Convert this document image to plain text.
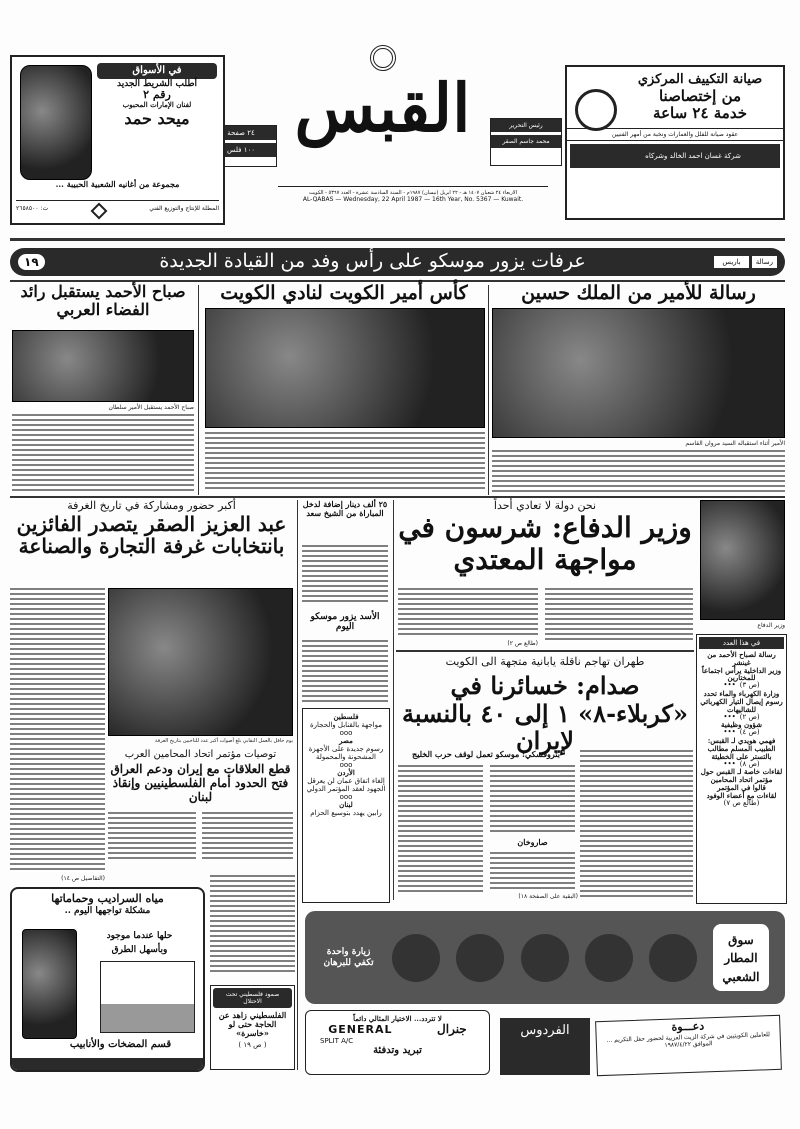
صيانة التكييف المركزي
من إختصاصنا
خدمة ٢٤ ساعة
عقود صيانة للفلل والعمارات ونخبة من أمهر الفنيين
شركة غسان احمد الخالد وشركاه
رئيس التحرير
محمد جاسم الصقر
القبس
٢٤ صفحة
١٠٠ فلس
الاربعاء ٢٤ شعبان ١٤٠٧ هـ - ٢٢ ابريل (نيسان) ١٩٨٧م - السنة السادسة عشرة - العدد ٥٣٦٧ - الكويت
AL-QABAS — Wednesday, 22 April 1987 — 16th Year, No. 5367 — Kuwait.
في الأسواق
أطلب الشريط الجديد
رقم ٢
لفنان الإمارات المحبوب
ميحد حمد
مجموعة من أغانيه الشعبية الحبيبة ...
المطلة للإنتاج والتوزيع الفني
ت: ٢٦٥٨٥٠٠
رسالة
باريس
عرفات يزور موسكو على رأس وفد من القيادة الجديدة
١٩
رسالة للأمير من الملك حسين
الأمير أثناء استقباله السيد مروان القاسم
كأس أمير الكويت لنادي الكويت
صباح الأحمد يستقبل رائد الفضاء العربي
صباح الأحمد يستقبل الأمير سلطان
أكبر حضور ومشاركة في تاريخ الغرفة
عبد العزيز الصقر يتصدر الفائزين بانتخابات غرفة التجارة والصناعة
يوم حافل بالعمل النقابي بلغ أصوات أكبر عدد للناخبين بتاريخ الغرفة
توصيات مؤتمر اتحاد المحامين العرب
قطع العلاقات مع إيران ودعم العراق فتح الحدود أمام الفلسطينيين وإنقاذ لبنان
(التفاصيل ص ١٤)
٢٥ ألف دينار إضافة لدخل المباراة من الشيخ سعد
الأسد يزور موسكو اليوم
فلسطين
مواجهة بالقنابل والحجارة
ooo
مصر
رسوم جديدة على الأجهزة المشحونة والمحمولة
ooo
الأردن
إلغاء اتفاق عمان لن يعرقل الجهود لعقد المؤتمر الدولي
ooo
لبنان
رابين يهدد بتوسيع الحزام
نحن دولة لا تعادي أحداً
وزير الدفاع: شرسون في مواجهة المعتدي
(طالع ص ٢)
طهران تهاجم ناقلة يابانية متجهة الى الكويت
صدام: خسائرنا في «كربلاء-٨» ١ إلى ٤٠ بالنسبة لإيران
بتروفسكي: موسكو تعمل لوقف حرب الخليج
صاروخان
(البقية على الصفحة ١٨)
وزير الدفاع
في هذا العدد
رسالة لصباح الأحمد من غينشر
وزير الداخلية يرأس اجتماعاً للمختارين
(ص ٣)•••
وزارة الكهرباء والماء تحدد رسوم إيصال التيار الكهربائي للشاليهات
(ص ٢)•••
شؤون وظيفية
(ص ٤)•••
فهمي هويدي لـ القبس: الطبيب المسلم مطالب بالتستر على الخطيئة
(ص ٨)•••
لقاءات خاصة لـ القبس حول مؤتمر اتحاد المحامين
قالوا في المؤتمر
لقاءات مع أعضاء الوفود
(طالع ص ٧)
مياه السراديب وحماماتها
مشكلة تواجهها اليوم ..
حلها عندما موجود
وبأسهل الطرق
قسم المضخات والأنابيب
صمود فلسطيني تحت الاحتلال
الفلسطيني زاهد عن الحاجة حتى لو «خاسرة»
( ص ١٩ )
سوق المطار الشعبي
زيارة واحدة تكفي للبرهان
لا تتردد... الاختيار المثالي دائماً
GENERAL	جنرال
SPLIT A/C
تبريد وتدفئة
الفردوس	دعـــوة
للعاملين الكويتيين في شركة الزيت العربية لحضور حفل التكريم ... الموافق ١٩٨٧/٤/٢٢
